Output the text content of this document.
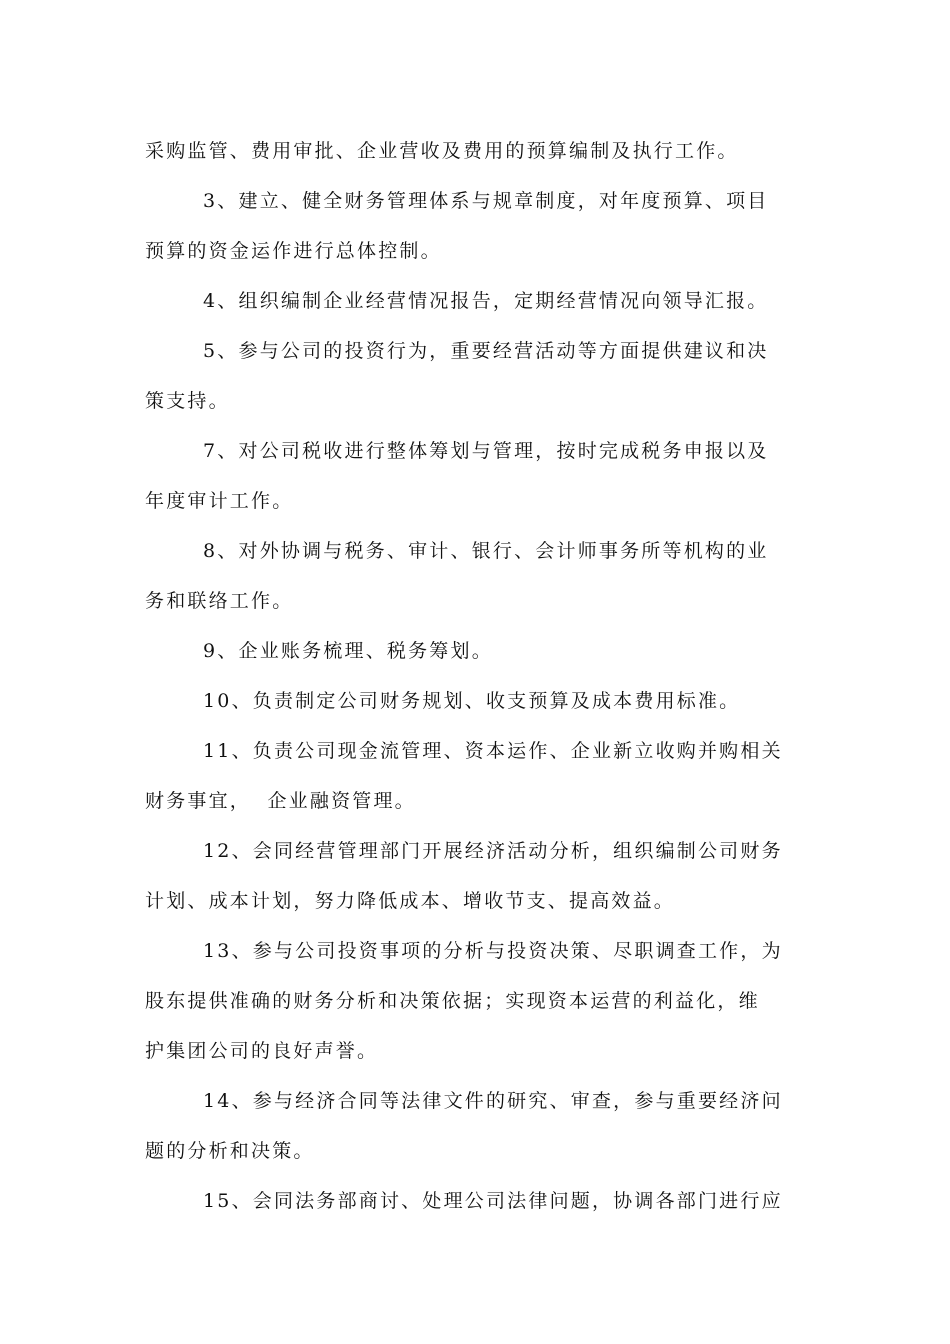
采购监管、费用审批、企业营收及费用的预算编制及执行工作。
3、建立、健全财务管理体系与规章制度，对年度预算、项目
预算的资金运作进行总体控制。
4、组织编制企业经营情况报告，定期经营情况向领导汇报。
5、参与公司的投资行为，重要经营活动等方面提供建议和决
策支持。
7、对公司税收进行整体筹划与管理，按时完成税务申报以及
年度审计工作。
8、对外协调与税务、审计、银行、会计师事务所等机构的业
务和联络工作。
9、企业账务梳理、税务筹划。
10、负责制定公司财务规划、收支预算及成本费用标准。
11、负责公司现金流管理、资本运作、企业新立收购并购相关
财务事宜，  企业融资管理。
12、会同经营管理部门开展经济活动分析，组织编制公司财务
计划、成本计划，努力降低成本、增收节支、提高效益。
13、参与公司投资事项的分析与投资决策、尽职调查工作，为
股东提供准确的财务分析和决策依据；实现资本运营的利益化，维
护集团公司的良好声誉。
14、参与经济合同等法律文件的研究、审查，参与重要经济问
题的分析和决策。
15、会同法务部商讨、处理公司法律问题，协调各部门进行应
